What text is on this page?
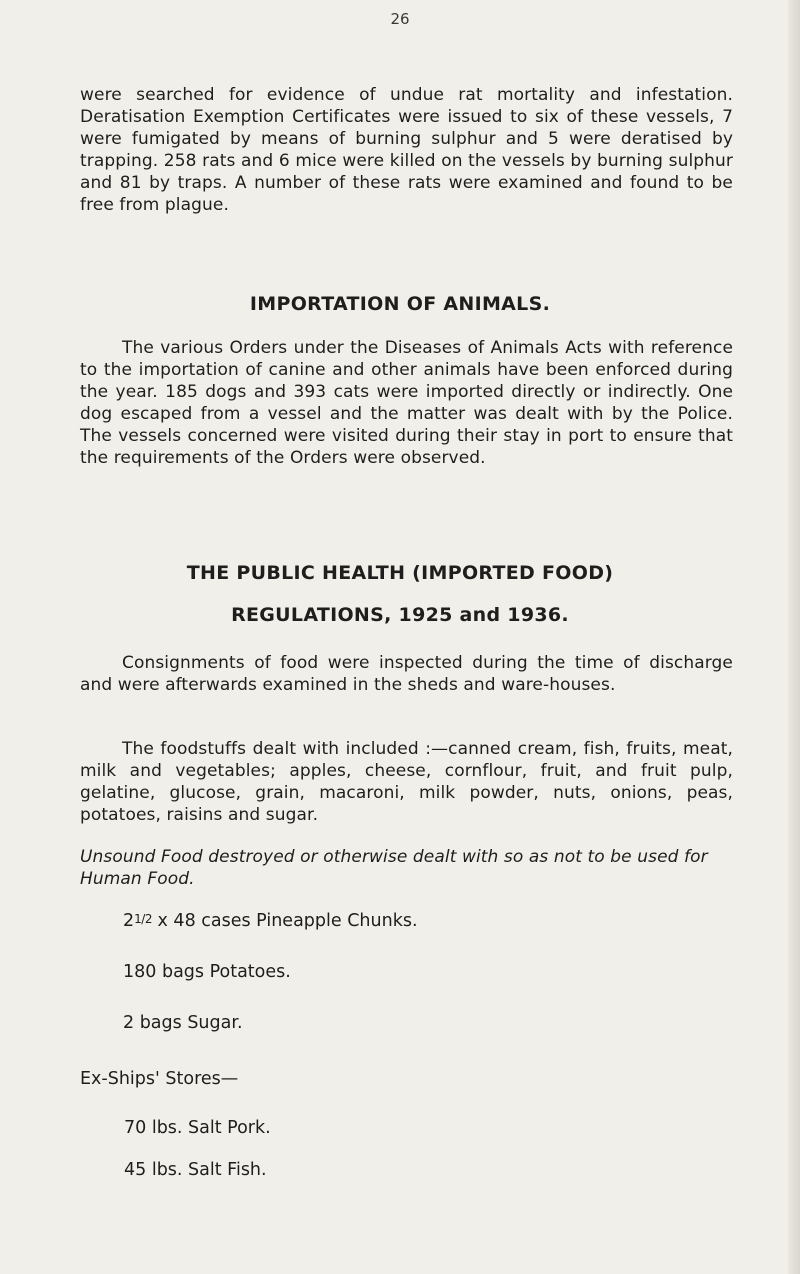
26

were searched for evidence of undue rat mortality and infestation. Deratisation Exemption Certificates were issued to six of these vessels, 7 were fumigated by means of burning sulphur and 5 were deratised by trapping. 258 rats and 6 mice were killed on the vessels by burning sulphur and 81 by traps. A number of these rats were examined and found to be free from plague.

IMPORTATION OF ANIMALS.

The various Orders under the Diseases of Animals Acts with reference to the importation of canine and other animals have been enforced during the year. 185 dogs and 393 cats were imported directly or indirectly. One dog escaped from a vessel and the matter was dealt with by the Police. The vessels concerned were visited during their stay in port to ensure that the requirements of the Orders were observed.

THE PUBLIC HEALTH (IMPORTED FOOD)
REGULATIONS, 1925 and 1936.

Consignments of food were inspected during the time of discharge and were afterwards examined in the sheds and ware-houses.

The foodstuffs dealt with included :—canned cream, fish, fruits, meat, milk and vegetables; apples, cheese, cornflour, fruit, and fruit pulp, gelatine, glucose, grain, macaroni, milk powder, nuts, onions, peas, potatoes, raisins and sugar.

Unsound Food destroyed or otherwise dealt with so as not to be used for Human Food.

21/2 x 48 cases Pineapple Chunks.

180 bags Potatoes.

2 bags Sugar.

Ex-Ships' Stores—

70 lbs. Salt Pork.

45 lbs. Salt Fish.
